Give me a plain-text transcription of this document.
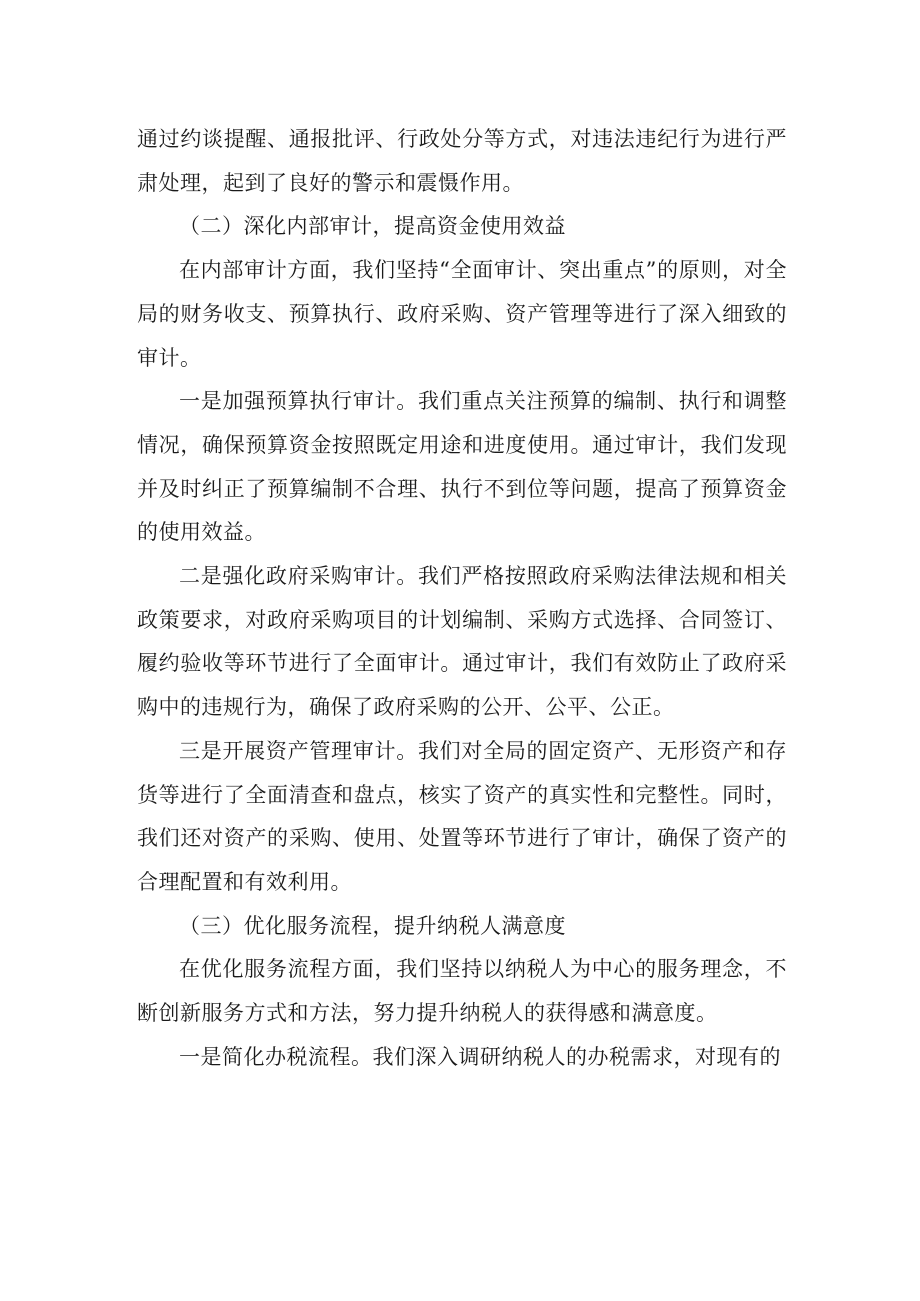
通过约谈提醒、通报批评、行政处分等方式，对违法违纪行为进行严肃处理，起到了良好的警示和震慑作用。

（二）深化内部审计，提高资金使用效益

在内部审计方面，我们坚持“全面审计、突出重点”的原则，对全局的财务收支、预算执行、政府采购、资产管理等进行了深入细致的审计。

一是加强预算执行审计。我们重点关注预算的编制、执行和调整情况，确保预算资金按照既定用途和进度使用。通过审计，我们发现并及时纠正了预算编制不合理、执行不到位等问题，提高了预算资金的使用效益。

二是强化政府采购审计。我们严格按照政府采购法律法规和相关政策要求，对政府采购项目的计划编制、采购方式选择、合同签订、履约验收等环节进行了全面审计。通过审计，我们有效防止了政府采购中的违规行为，确保了政府采购的公开、公平、公正。

三是开展资产管理审计。我们对全局的固定资产、无形资产和存货等进行了全面清查和盘点，核实了资产的真实性和完整性。同时，我们还对资产的采购、使用、处置等环节进行了审计，确保了资产的合理配置和有效利用。

（三）优化服务流程，提升纳税人满意度

在优化服务流程方面，我们坚持以纳税人为中心的服务理念，不断创新服务方式和方法，努力提升纳税人的获得感和满意度。

一是简化办税流程。我们深入调研纳税人的办税需求，对现有的
